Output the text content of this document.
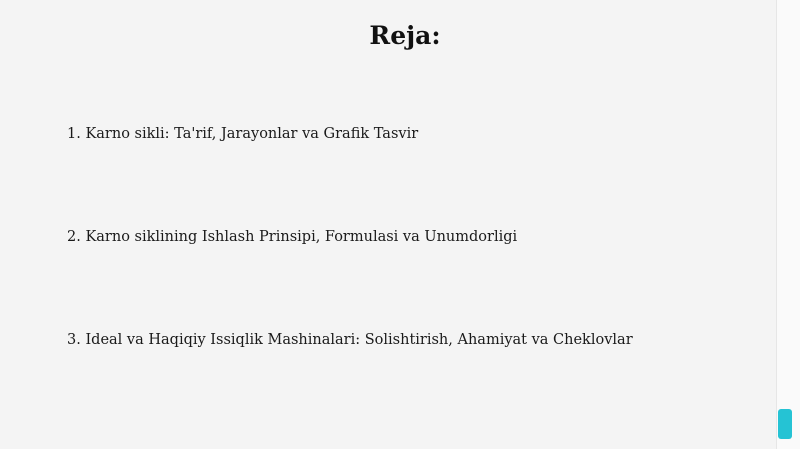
Reja:
1. Karno sikli: Ta'rif, Jarayonlar va Grafik Tasvir
2. Karno siklining Ishlash Prinsipi, Formulasi va Unumdorligi
3. Ideal va Haqiqiy Issiqlik Mashinalari: Solishtirish, Ahamiyat va Cheklovlar
